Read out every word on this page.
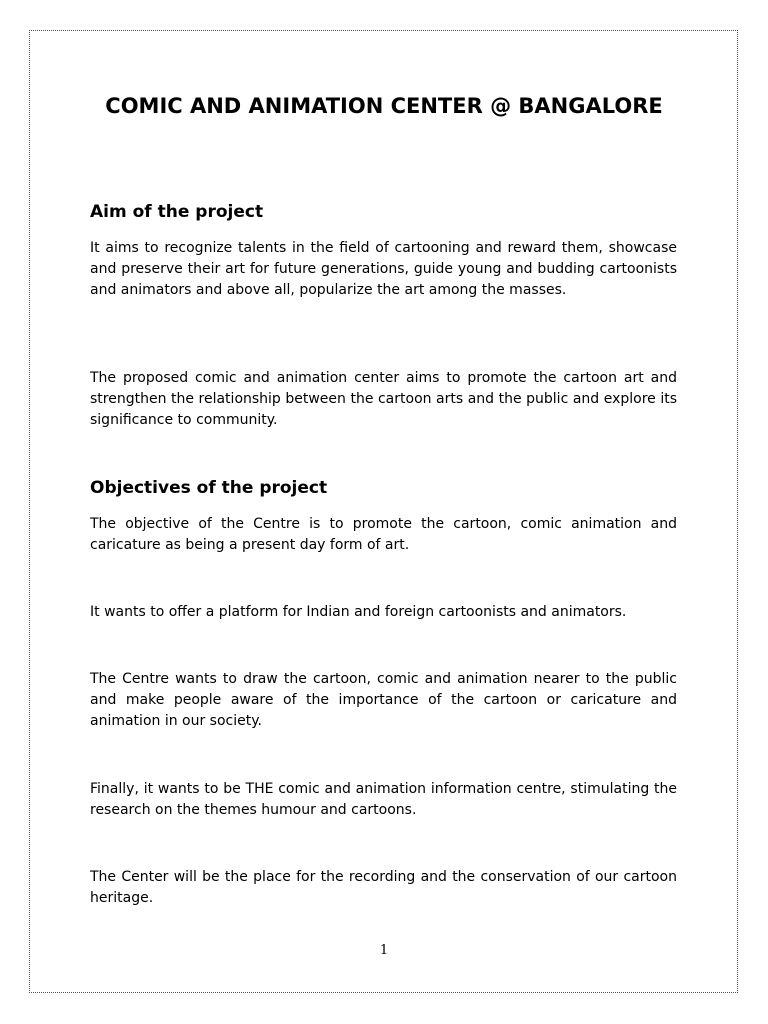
COMIC AND ANIMATION CENTER @ BANGALORE
Aim of the project

It aims to recognize talents in the field of cartooning and reward them, showcase and preserve their art for future generations, guide young and budding cartoonists and animators and above all, popularize the art among the masses.

The proposed comic and animation center aims to promote the cartoon art and strengthen the relationship between the cartoon arts and the public and explore its significance to community.

Objectives of the project

The objective of the Centre is to promote the cartoon, comic animation and caricature as being a present day form of art.

It wants to offer a platform for Indian and foreign cartoonists and animators.

The Centre wants to draw the cartoon, comic and animation nearer to the public and make people aware of the importance of the cartoon or caricature and animation in our society.

Finally, it wants to be THE comic and animation information centre, stimulating the research on the themes humour and cartoons.

The Center will be the place for the recording and the conservation of our cartoon heritage.

1
